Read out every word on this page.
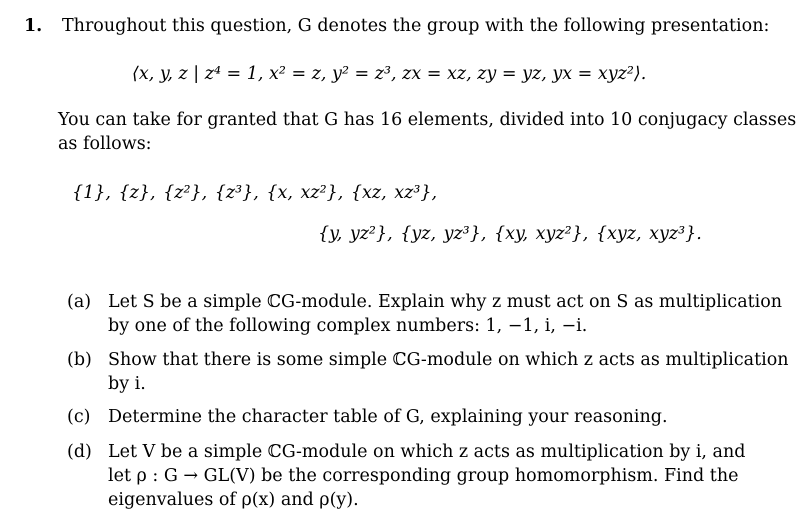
1. Throughout this question, G denotes the group with the following presentation:
⟨x, y, z | z⁴ = 1, x² = z, y² = z³, zx = xz, zy = yz, yx = xyz²⟩.
You can take for granted that G has 16 elements, divided into 10 conjugacy classes
as follows:
{1}, {z}, {z²}, {z³}, {x, xz²}, {xz, xz³},
{y, yz²}, {yz, yz³}, {xy, xyz²}, {xyz, xyz³}.
(a) Let S be a simple ℂG-module. Explain why z must act on S as multiplication
by one of the following complex numbers: 1, −1, i, −i.
(b) Show that there is some simple ℂG-module on which z acts as multiplication
by i.
(c) Determine the character table of G, explaining your reasoning.
(d) Let V be a simple ℂG-module on which z acts as multiplication by i, and
let ρ : G → GL(V) be the corresponding group homomorphism. Find the
eigenvalues of ρ(x) and ρ(y).
